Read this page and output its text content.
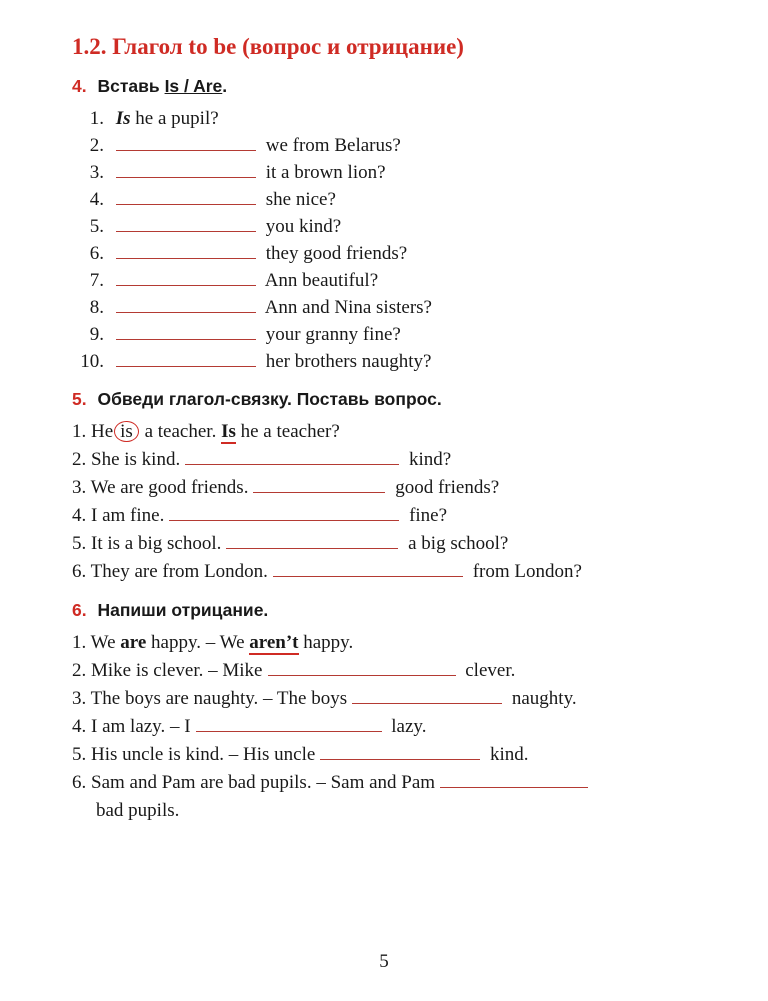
1.2. Глагол to be (вопрос и отрицание)
4. Вставь Is / Are.
1. Is he a pupil?
2.	we from Belarus?
3.	it a brown lion?
4.	she nice?
5.	you kind?
6.	they good friends?
7.	Ann beautiful?
8.	Ann and Nina sisters?
9.	your granny fine?
10.	her brothers naughty?
5. Обведи глагол-связку. Поставь вопрос.
1. He is a teacher. Is he a teacher?
2. She is kind.	kind?
3. We are good friends.	good friends?
4. I am fine.	fine?
5. It is a big school.	a big school?
6. They are from London.	from London?
6. Напиши отрицание.
1. We are happy. – We aren’t happy.
2. Mike is clever. – Mike	clever.
3. The boys are naughty. – The boys	naughty.
4. I am lazy. – I	lazy.
5. His uncle is kind. – His uncle	kind.
6. Sam and Pam are bad pupils. – Sam and Pam
bad pupils.
5
